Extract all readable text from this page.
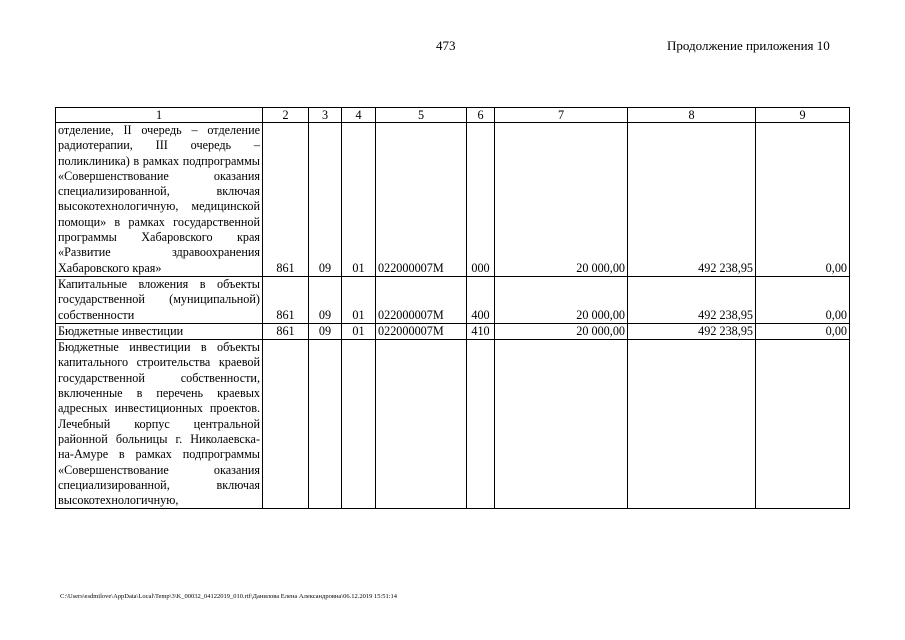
473	Продолжение приложения 10
1	2	3	4	5	6	7	8	9
отделение, II очередь – отделение радиотерапии, III очередь – поликлиника) в рамках подпрограммы «Совершенствование оказания специализированной, включая высокотехнологичную, медицинской помощи» в рамках государственной программы Хабаровского края «Развитие здравоохранения Хабаровского края»	861	09	01	022000007М	000	20 000,00	492 238,95	0,00
Капитальные вложения в объекты государственной (муниципальной) собственности	861	09	01	022000007М	400	20 000,00	492 238,95	0,00
Бюджетные инвестиции	861	09	01	022000007М	410	20 000,00	492 238,95	0,00
Бюджетные инвестиции в объекты капитального строительства краевой государственной собственности, включенные в перечень краевых адресных инвестиционных проектов. Лечебный корпус центральной районной больницы г. Николаевска-на-Амуре в рамках подпрограммы «Совершенствование оказания специализированной, включая высокотехнологичную,								
C:\Users\esdmilove\AppData\Local\Temp\3\K_00032_04122019_010.rtf\Данилова Елена Александровна\06.12.2019 15:51:14
